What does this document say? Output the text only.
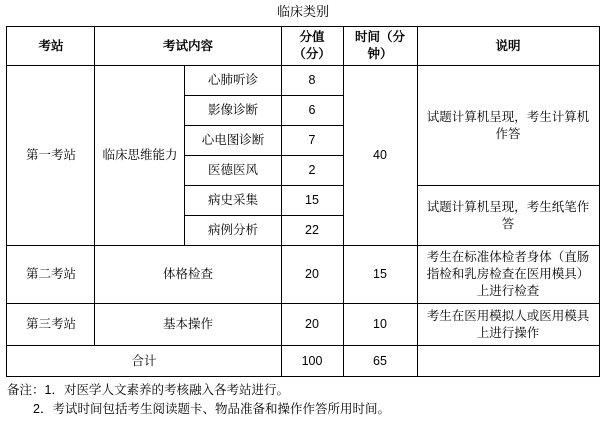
临床类别
考站	考试内容		分值（分）	时间（分钟）	说明
第一考站	临床思维能力	心肺听诊	8	40	试题计算机呈现，考生计算机作答
		影像诊断	6		
		心电图诊断	7		
		医德医风	2		
		病史采集	15		试题计算机呈现，考生纸笔作答
		病例分析	22		
第二考站	体格检查		20	15	考生在标准体检者身体（直肠指检和乳房检查在医用模具）上进行检查
第三考站	基本操作		20	10	考生在医用模拟人或医用模具上进行操作
合计			100	65	
备注：1．对医学人文素养的考核融入各考站进行。
2．考试时间包括考生阅读题卡、物品准备和操作作答所用时间。
